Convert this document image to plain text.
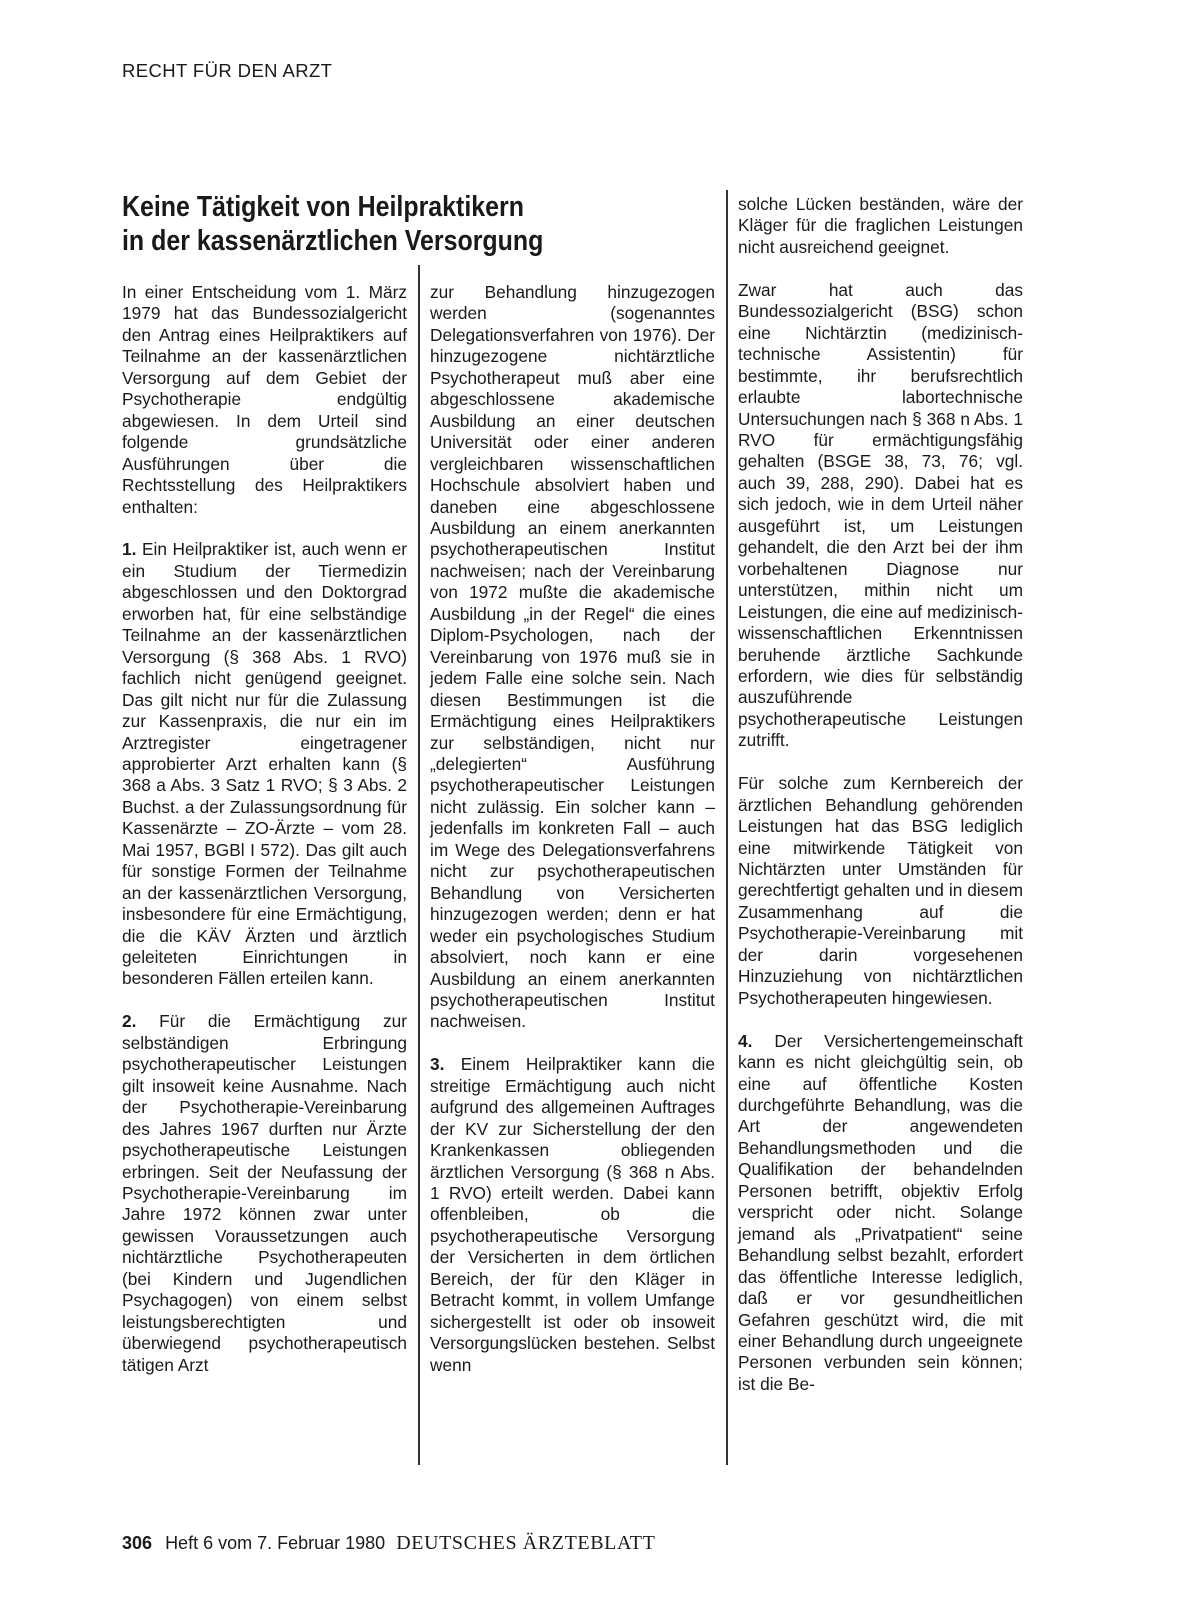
RECHT FÜR DEN ARZT
Keine Tätigkeit von Heilpraktikern
in der kassenärztlichen Versorgung

In einer Entscheidung vom 1. März 1979 hat das Bundessozialgericht den Antrag eines Heilpraktikers auf Teilnahme an der kassenärztlichen Versorgung auf dem Gebiet der Psychotherapie endgültig abgewiesen. In dem Urteil sind folgende grundsätzliche Ausführungen über die Rechtsstellung des Heilpraktikers enthalten:

1. Ein Heilpraktiker ist, auch wenn er ein Studium der Tiermedizin abgeschlossen und den Doktorgrad erworben hat, für eine selbständige Teilnahme an der kassenärztlichen Versorgung (§ 368 Abs. 1 RVO) fachlich nicht genügend geeignet. Das gilt nicht nur für die Zulassung zur Kassenpraxis, die nur ein im Arztregister eingetragener approbierter Arzt erhalten kann (§ 368 a Abs. 3 Satz 1 RVO; § 3 Abs. 2 Buchst. a der Zulassungsordnung für Kassenärzte – ZO-Ärzte – vom 28. Mai 1957, BGBl I 572). Das gilt auch für sonstige Formen der Teilnahme an der kassenärztlichen Versorgung, insbesondere für eine Ermächtigung, die die KÄV Ärzten und ärztlich geleiteten Einrichtungen in besonderen Fällen erteilen kann.

2. Für die Ermächtigung zur selbständigen Erbringung psychotherapeutischer Leistungen gilt insoweit keine Ausnahme. Nach der Psychotherapie-Vereinbarung des Jahres 1967 durften nur Ärzte psychotherapeutische Leistungen erbringen. Seit der Neufassung der Psychotherapie-Vereinbarung im Jahre 1972 können zwar unter gewissen Voraussetzungen auch nichtärztliche Psychotherapeuten (bei Kindern und Jugendlichen Psychagogen) von einem selbst leistungsberechtigten und überwiegend psychotherapeutisch tätigen Arzt

zur Behandlung hinzugezogen werden (sogenanntes Delegationsverfahren von 1976). Der hinzugezogene nichtärztliche Psychotherapeut muß aber eine abgeschlossene akademische Ausbildung an einer deutschen Universität oder einer anderen vergleichbaren wissenschaftlichen Hochschule absolviert haben und daneben eine abgeschlossene Ausbildung an einem anerkannten psychotherapeutischen Institut nachweisen; nach der Vereinbarung von 1972 mußte die akademische Ausbildung „in der Regel“ die eines Diplom-Psychologen, nach der Vereinbarung von 1976 muß sie in jedem Falle eine solche sein. Nach diesen Bestimmungen ist die Ermächtigung eines Heilpraktikers zur selbständigen, nicht nur „delegierten“ Ausführung psychotherapeutischer Leistungen nicht zulässig. Ein solcher kann – jedenfalls im konkreten Fall – auch im Wege des Delegationsverfahrens nicht zur psychotherapeutischen Behandlung von Versicherten hinzugezogen werden; denn er hat weder ein psychologisches Studium absolviert, noch kann er eine Ausbildung an einem anerkannten psychotherapeutischen Institut nachweisen.

3. Einem Heilpraktiker kann die streitige Ermächtigung auch nicht aufgrund des allgemeinen Auftrages der KV zur Sicherstellung der den Krankenkassen obliegenden ärztlichen Versorgung (§ 368 n Abs. 1 RVO) erteilt werden. Dabei kann offenbleiben, ob die psychotherapeutische Versorgung der Versicherten in dem örtlichen Bereich, der für den Kläger in Betracht kommt, in vollem Umfange sichergestellt ist oder ob insoweit Versorgungslücken bestehen. Selbst wenn

solche Lücken beständen, wäre der Kläger für die fraglichen Leistungen nicht ausreichend geeignet.

Zwar hat auch das Bundessozialgericht (BSG) schon eine Nichtärztin (medizinisch-technische Assistentin) für bestimmte, ihr berufsrechtlich erlaubte labortechnische Untersuchungen nach § 368 n Abs. 1 RVO für ermächtigungsfähig gehalten (BSGE 38, 73, 76; vgl. auch 39, 288, 290). Dabei hat es sich jedoch, wie in dem Urteil näher ausgeführt ist, um Leistungen gehandelt, die den Arzt bei der ihm vorbehaltenen Diagnose nur unterstützen, mithin nicht um Leistungen, die eine auf medizinisch-wissenschaftlichen Erkenntnissen beruhende ärztliche Sachkunde erfordern, wie dies für selbständig auszuführende psychotherapeutische Leistungen zutrifft.

Für solche zum Kernbereich der ärztlichen Behandlung gehörenden Leistungen hat das BSG lediglich eine mitwirkende Tätigkeit von Nichtärzten unter Umständen für gerechtfertigt gehalten und in diesem Zusammenhang auf die Psychotherapie-Vereinbarung mit der darin vorgesehenen Hinzuziehung von nichtärztlichen Psychotherapeuten hingewiesen.

4. Der Versichertengemeinschaft kann es nicht gleichgültig sein, ob eine auf öffentliche Kosten durchgeführte Behandlung, was die Art der angewendeten Behandlungsmethoden und die Qualifikation der behandelnden Personen betrifft, objektiv Erfolg verspricht oder nicht. Solange jemand als „Privatpatient“ seine Behandlung selbst bezahlt, erfordert das öffentliche Interesse lediglich, daß er vor gesundheitlichen Gefahren geschützt wird, die mit einer Behandlung durch ungeeignete Personen verbunden sein können; ist die Be-

306 Heft 6 vom 7. Februar 1980 DEUTSCHES ÄRZTEBLATT
